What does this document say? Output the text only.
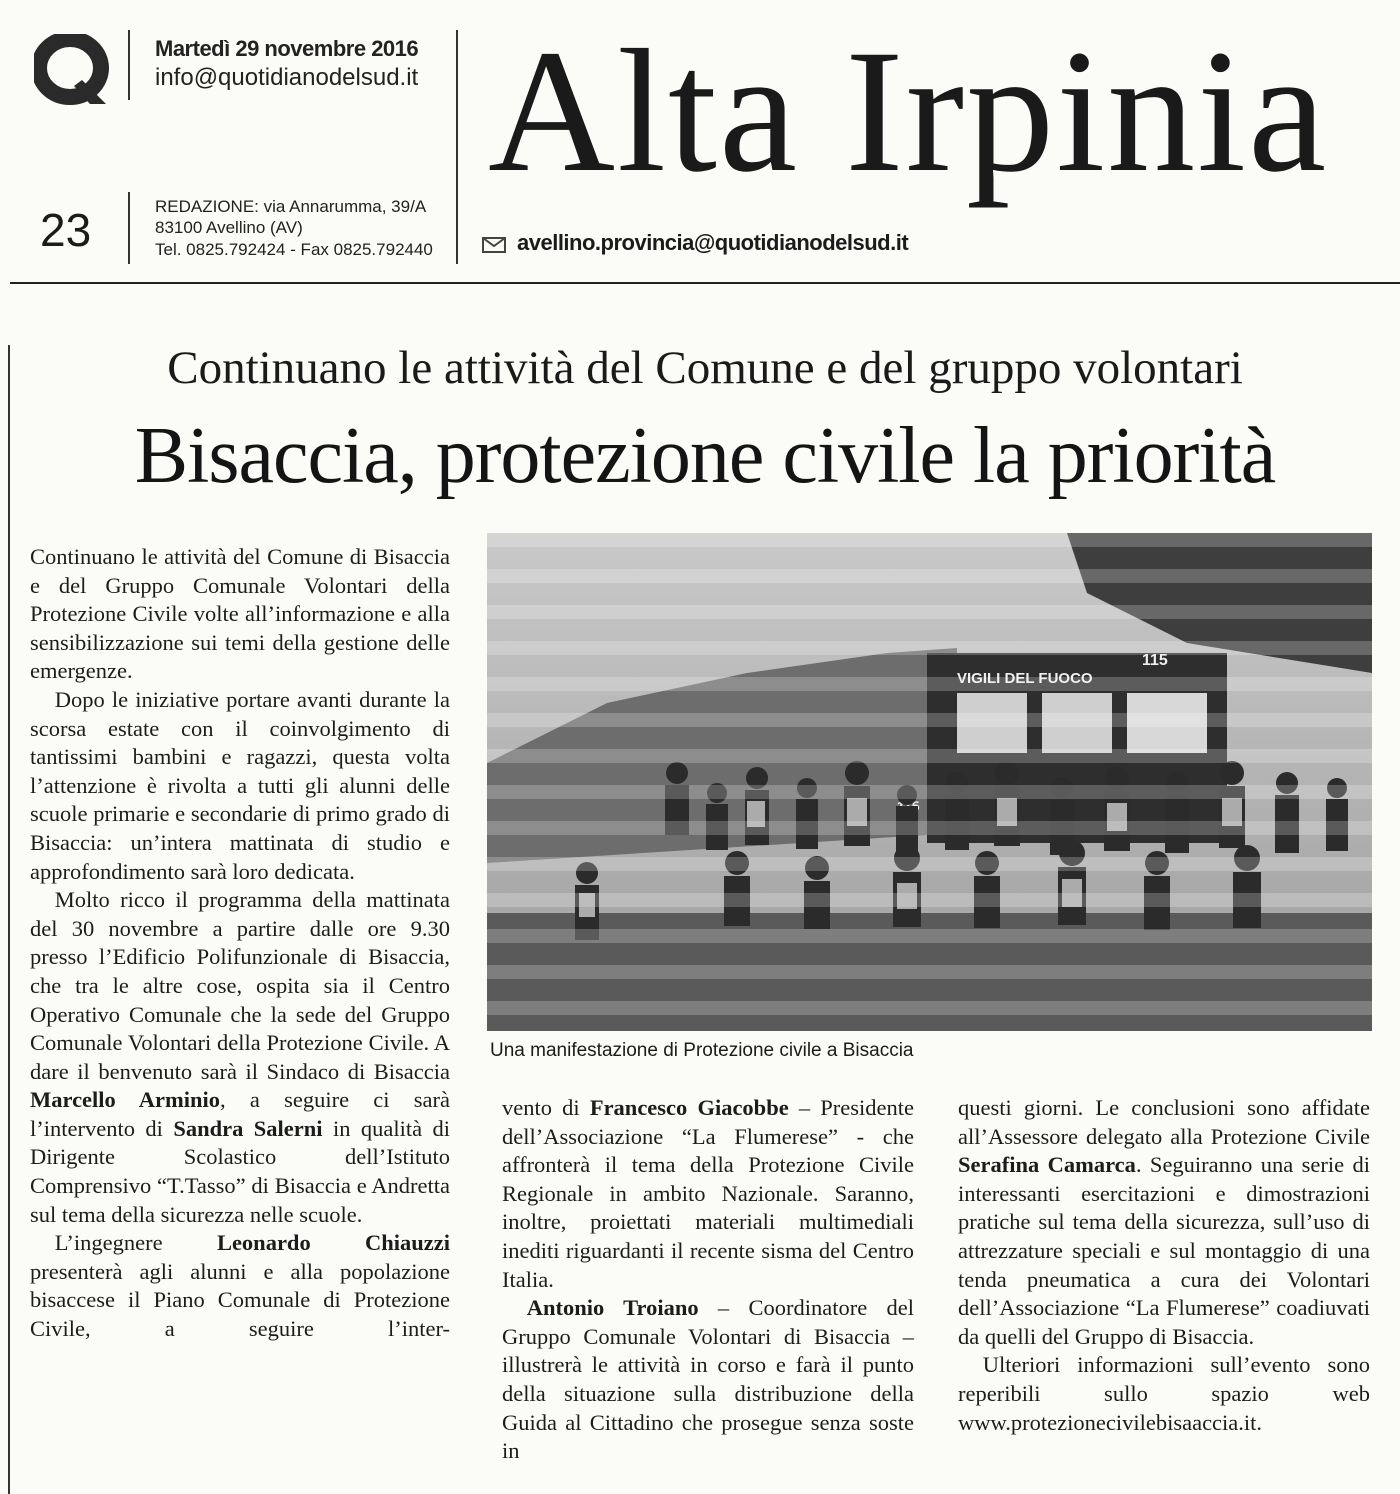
23
Martedì 29 novembre 2016
info@quotidianodelsud.it
REDAZIONE: via Annarumma, 39/A
83100 Avellino (AV)
Tel. 0825.792424 - Fax 0825.792440
Alta Irpinia
avellino.provincia@quotidianodelsud.it
Continuano le attività del Comune e del gruppo volontari
Bisaccia, protezione civile la priorità
Una manifestazione di Protezione civile a Bisaccia

Continuano le attività del Comune di Bisaccia e del Gruppo Comunale Volontari della Protezione Civile volte all’informazione e alla sensibilizzazione sui temi della gestione delle emergenze.

Dopo le iniziative portare avanti durante la scorsa estate con il coinvolgimento di tantissimi bambini e ragazzi, questa volta l’attenzione è rivolta a tutti gli alunni delle scuole primarie e secondarie di primo grado di Bisaccia: un’intera mattinata di studio e approfondimento sarà loro dedicata.

Molto ricco il programma della mattinata del 30 novembre a partire dalle ore 9.30 presso l’Edificio Polifunzionale di Bisaccia, che tra le altre cose, ospita sia il Centro Operativo Comunale che la sede del Gruppo Comunale Volontari della Protezione Civile. A dare il benvenuto sarà il Sindaco di Bisaccia Marcello Arminio, a seguire ci sarà l’intervento di Sandra Salerni in qualità di Dirigente Scolastico dell’Istituto Comprensivo “T.Tasso” di Bisaccia e Andretta sul tema della sicurezza nelle scuole.

L’ingegnere Leonardo Chiauzzi presenterà agli alunni e alla popolazione bisaccese il Piano Comunale di Protezione Civile, a seguire l’inter-

vento di Francesco Giacobbe – Presidente dell’Associazione “La Flumerese” - che affronterà il tema della Protezione Civile Regionale in ambito Nazionale. Saranno, inoltre, proiettati materiali multimediali inediti riguardanti il recente sisma del Centro Italia.

Antonio Troiano – Coordinatore del Gruppo Comunale Volontari di Bisaccia – illustrerà le attività in corso e farà il punto della situazione sulla distribuzione della Guida al Cittadino che prosegue senza soste in

questi giorni. Le conclusioni sono affidate all’Assessore delegato alla Protezione Civile Serafina Camarca. Seguiranno una serie di interessanti esercitazioni e dimostrazioni pratiche sul tema della sicurezza, sull’uso di attrezzature speciali e sul montaggio di una tenda pneumatica a cura dei Volontari dell’Associazione “La Flumerese” coadiuvati da quelli del Gruppo di Bisaccia.

Ulteriori informazioni sull’evento sono reperibili sullo spazio web www.protezionecivilebisaaccia.it.
